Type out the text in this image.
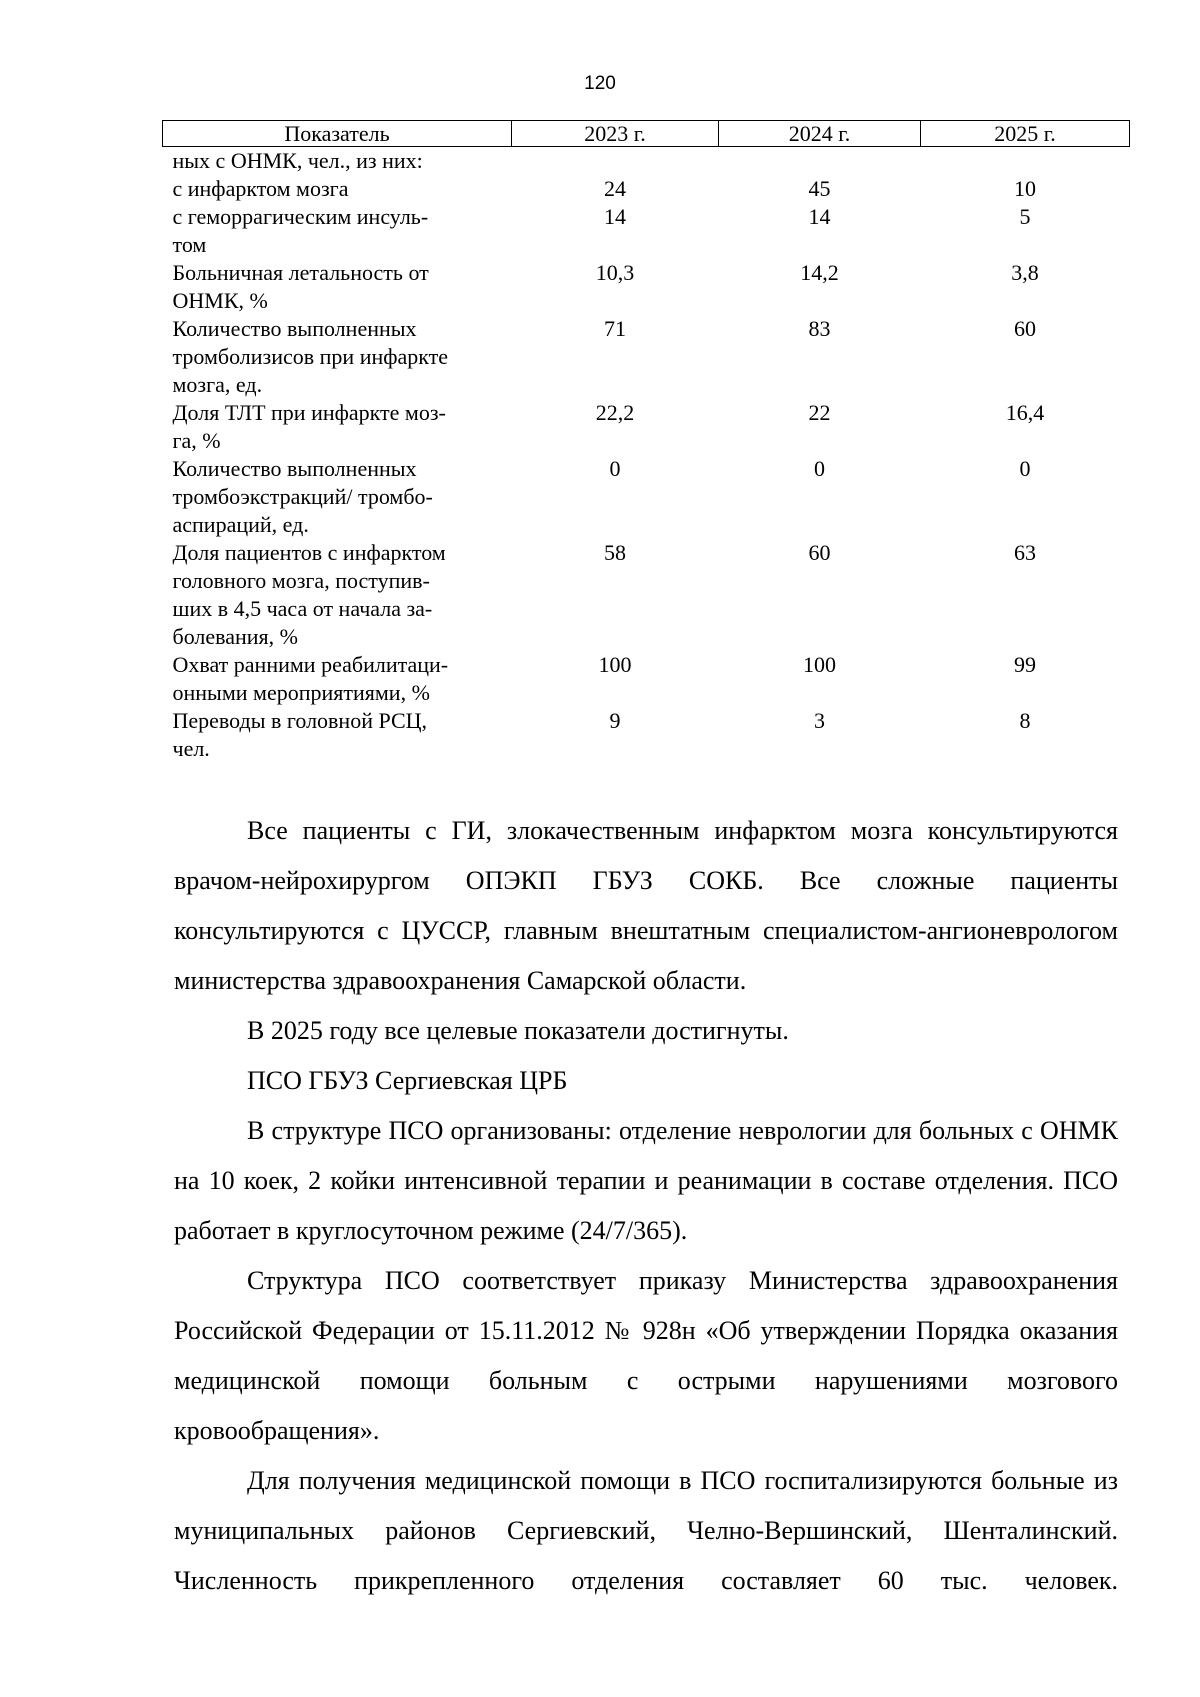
120
Показатель	2023 г.	2024 г.	2025 г.
ных с ОНМК, чел., из них:			
с инфарктом мозга	24	45	10
с геморрагическим инсуль-
том	14	14	5
Больничная летальность от
ОНМК, %	10,3	14,2	3,8
Количество выполненных
тромболизисов при инфаркте
мозга, ед.	71	83	60
Доля ТЛТ при инфаркте моз-
га, %	22,2	22	16,4
Количество выполненных
тромбоэкстракций/ тромбо-
аспираций, ед.	0	0	0
Доля пациентов с инфарктом
головного мозга, поступив-
ших в 4,5 часа от начала за-
болевания, %	58	60	63
Охват ранними реабилитаци-
онными мероприятиями, %	100	100	99
Переводы в головной РСЦ,
чел.	9	3	8

Все пациенты с ГИ, злокачественным инфарктом мозга консультируются врачом-нейрохирургом ОПЭКП ГБУЗ СОКБ. Все сложные пациенты консультируются с ЦУССР, главным внештатным специалистом-ангионеврологом министерства здравоохранения Самарской области.

В 2025 году все целевые показатели достигнуты.

ПСО ГБУЗ Сергиевская ЦРБ

В структуре ПСО организованы: отделение неврологии для больных с ОНМК на 10 коек, 2 койки интенсивной терапии и реанимации в составе отделения. ПСО работает в круглосуточном режиме (24/7/365).

Структура ПСО соответствует приказу Министерства здравоохранения Российской Федерации от 15.11.2012 № 928н «Об утверждении Порядка оказания медицинской помощи больным с острыми нарушениями мозгового кровообращения».

Для получения медицинской помощи в ПСО госпитализируются больные из муниципальных районов Сергиевский, Челно-Вершинский, Шенталинский. Численность прикрепленного отделения составляет 60 тыс. человек.
